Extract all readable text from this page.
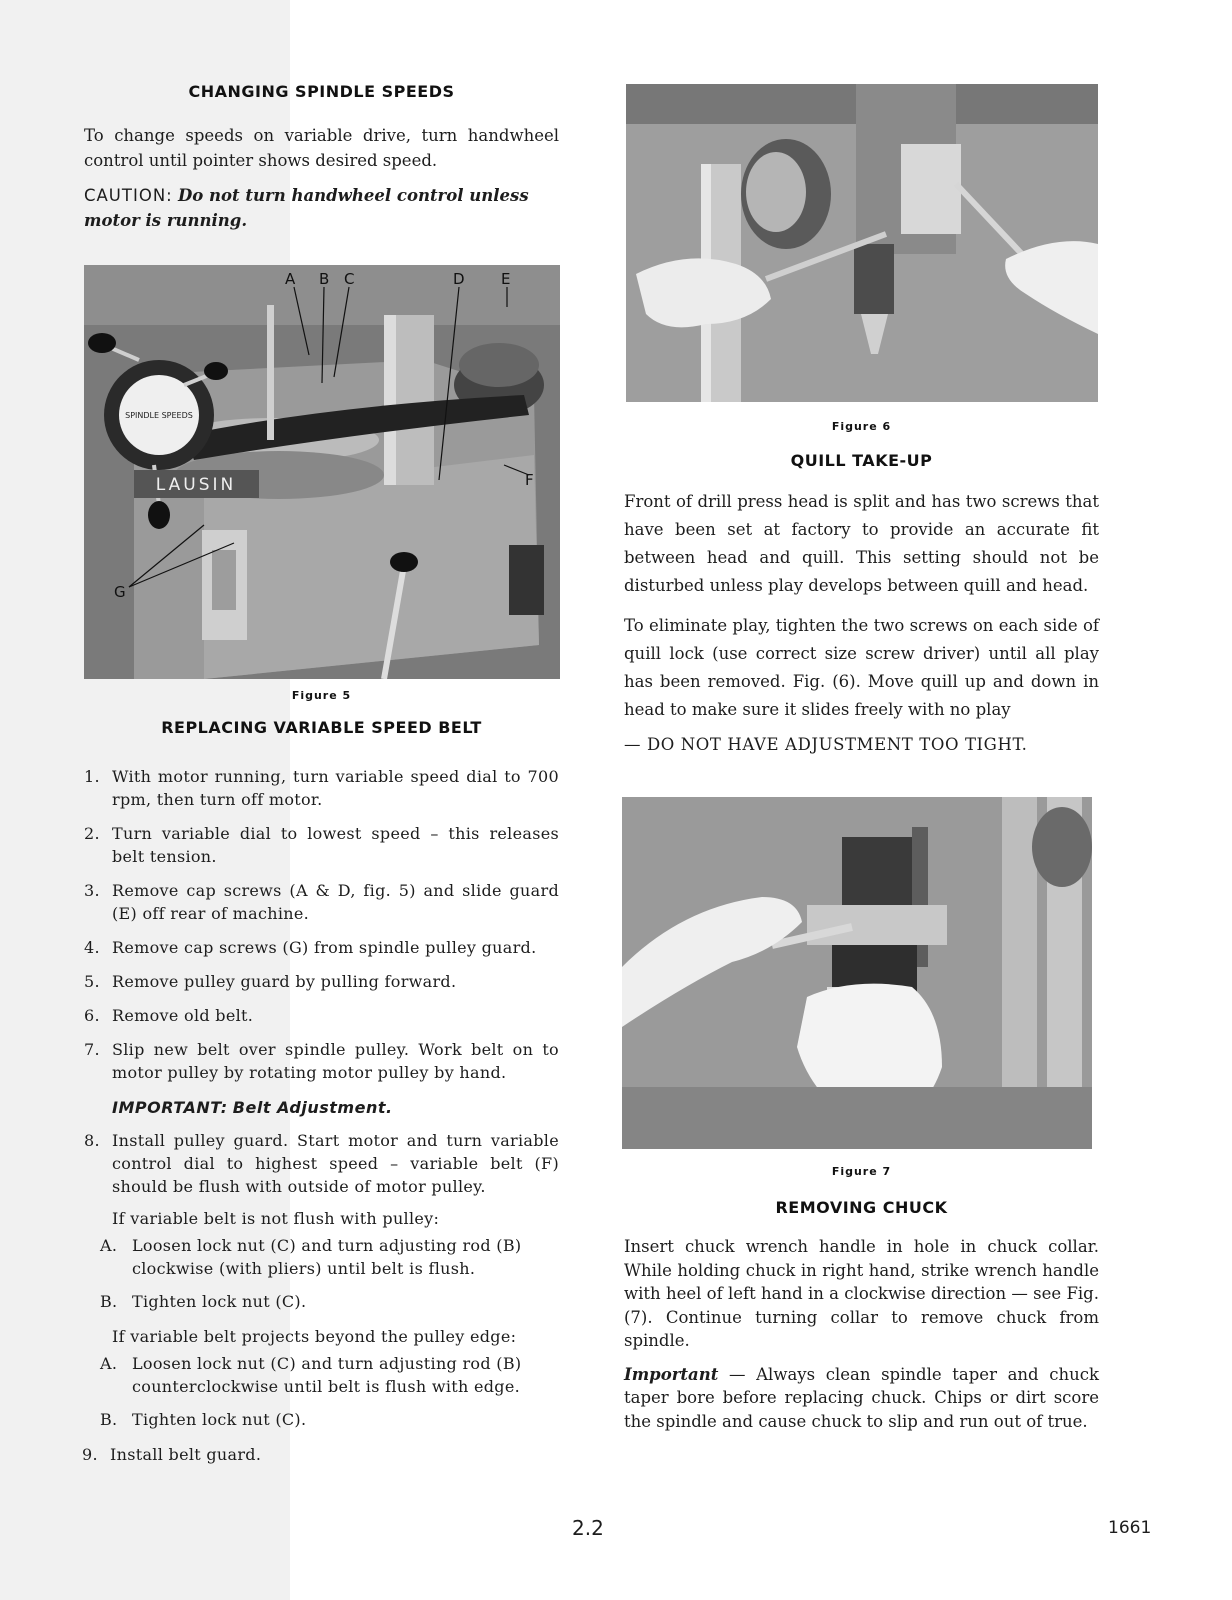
CHANGING SPINDLE SPEEDS

To change speeds on variable drive, turn handwheel control until pointer shows desired speed.

CAUTION: Do not turn handwheel control unless motor is running.

SPINDLE SPEEDS
LAUSIN
A B C	D E
F
G
Figure 5
REPLACING VARIABLE SPEED BELT
1. With motor running, turn variable speed dial to 700 rpm, then turn off motor.
2. Turn variable dial to lowest speed – this releases belt tension.
3. Remove cap screws (A & D, fig. 5) and slide guard (E) off rear of machine.
4. Remove cap screws (G) from spindle pulley guard.
5. Remove pulley guard by pulling forward.
6. Remove old belt.
7. Slip new belt over spindle pulley. Work belt on to motor pulley by rotating motor pulley by hand.
IMPORTANT: Belt Adjustment.
8. Install pulley guard. Start motor and turn variable control dial to highest speed – variable belt (F) should be flush with outside of motor pulley.
If variable belt is not flush with pulley:
A. Loosen lock nut (C) and turn adjusting rod (B) clockwise (with pliers) until belt is flush.
B. Tighten lock nut (C).
If variable belt projects beyond the pulley edge:
A. Loosen lock nut (C) and turn adjusting rod (B) counterclockwise until belt is flush with edge.
B. Tighten lock nut (C).
9. Install belt guard.
Figure 6
QUILL TAKE-UP

Front of drill press head is split and has two screws that have been set at factory to provide an accurate fit between head and quill. This setting should not be disturbed unless play develops between quill and head.

To eliminate play, tighten the two screws on each side of quill lock (use correct size screw driver) until all play has been removed. Fig. (6). Move quill up and down in head to make sure it slides freely with no play

— DO NOT HAVE ADJUSTMENT TOO TIGHT.

Figure 7
REMOVING CHUCK

Insert chuck wrench handle in hole in chuck collar. While holding chuck in right hand, strike wrench handle with heel of left hand in a clockwise direction — see Fig. (7). Continue turning collar to remove chuck from spindle.

Important — Always clean spindle taper and chuck taper bore before replacing chuck. Chips or dirt score the spindle and cause chuck to slip and run out of true.

2.2	1661
